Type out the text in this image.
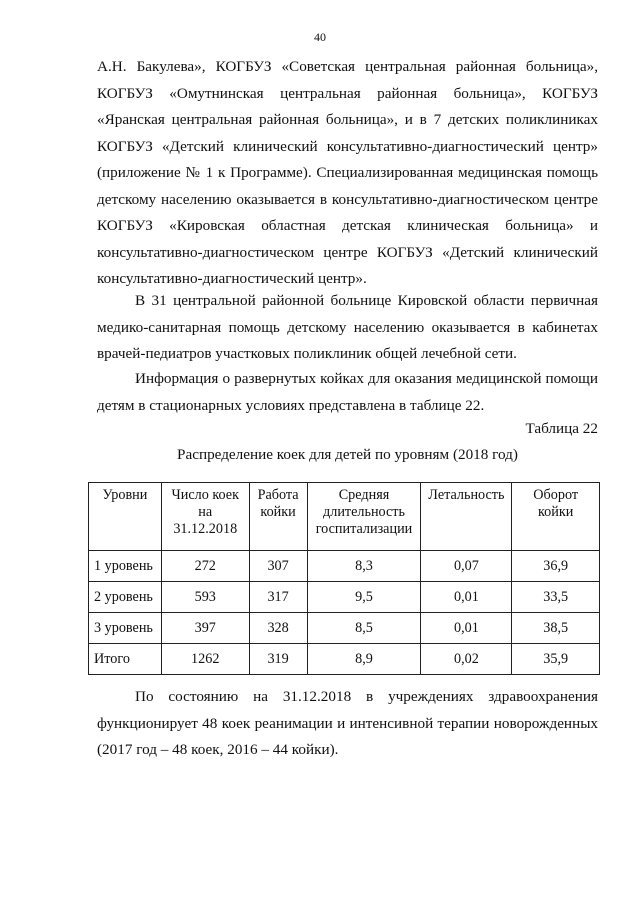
40

А.Н. Бакулева», КОГБУЗ «Советская центральная районная больница», КОГБУЗ «Омутнинская центральная районная больница», КОГБУЗ «Яранская центральная районная больница», и в 7 детских поликлиниках КОГБУЗ «Детский клинический консультативно-диагностический центр» (приложение № 1 к Программе). Специализированная медицинская помощь детскому населению оказывается в консультативно-диагностическом центре КОГБУЗ «Кировская областная детская клиническая больница» и консультативно-диагностическом центре КОГБУЗ «Детский клинический консультативно-диагностический центр».

В 31 центральной районной больнице Кировской области первичная медико-санитарная помощь детскому населению оказывается в кабинетах врачей-педиатров участковых поликлиник общей лечебной сети.

Информация о развернутых койках для оказания медицинской помощи детям в стационарных условиях представлена в таблице 22.

Таблица 22
Распределение коек для детей по уровням (2018 год)
Уровни	Число коек на 31.12.2018	Работа койки	Средняя длительность госпитализации	Летальность	Оборот койки
1 уровень	272	307	8,3	0,07	36,9
2 уровень	593	317	9,5	0,01	33,5
3 уровень	397	328	8,5	0,01	38,5
Итого	1262	319	8,9	0,02	35,9

По состоянию на 31.12.2018 в учреждениях здравоохранения функционирует 48 коек реанимации и интенсивной терапии новорожденных (2017 год – 48 коек, 2016 – 44 койки).
